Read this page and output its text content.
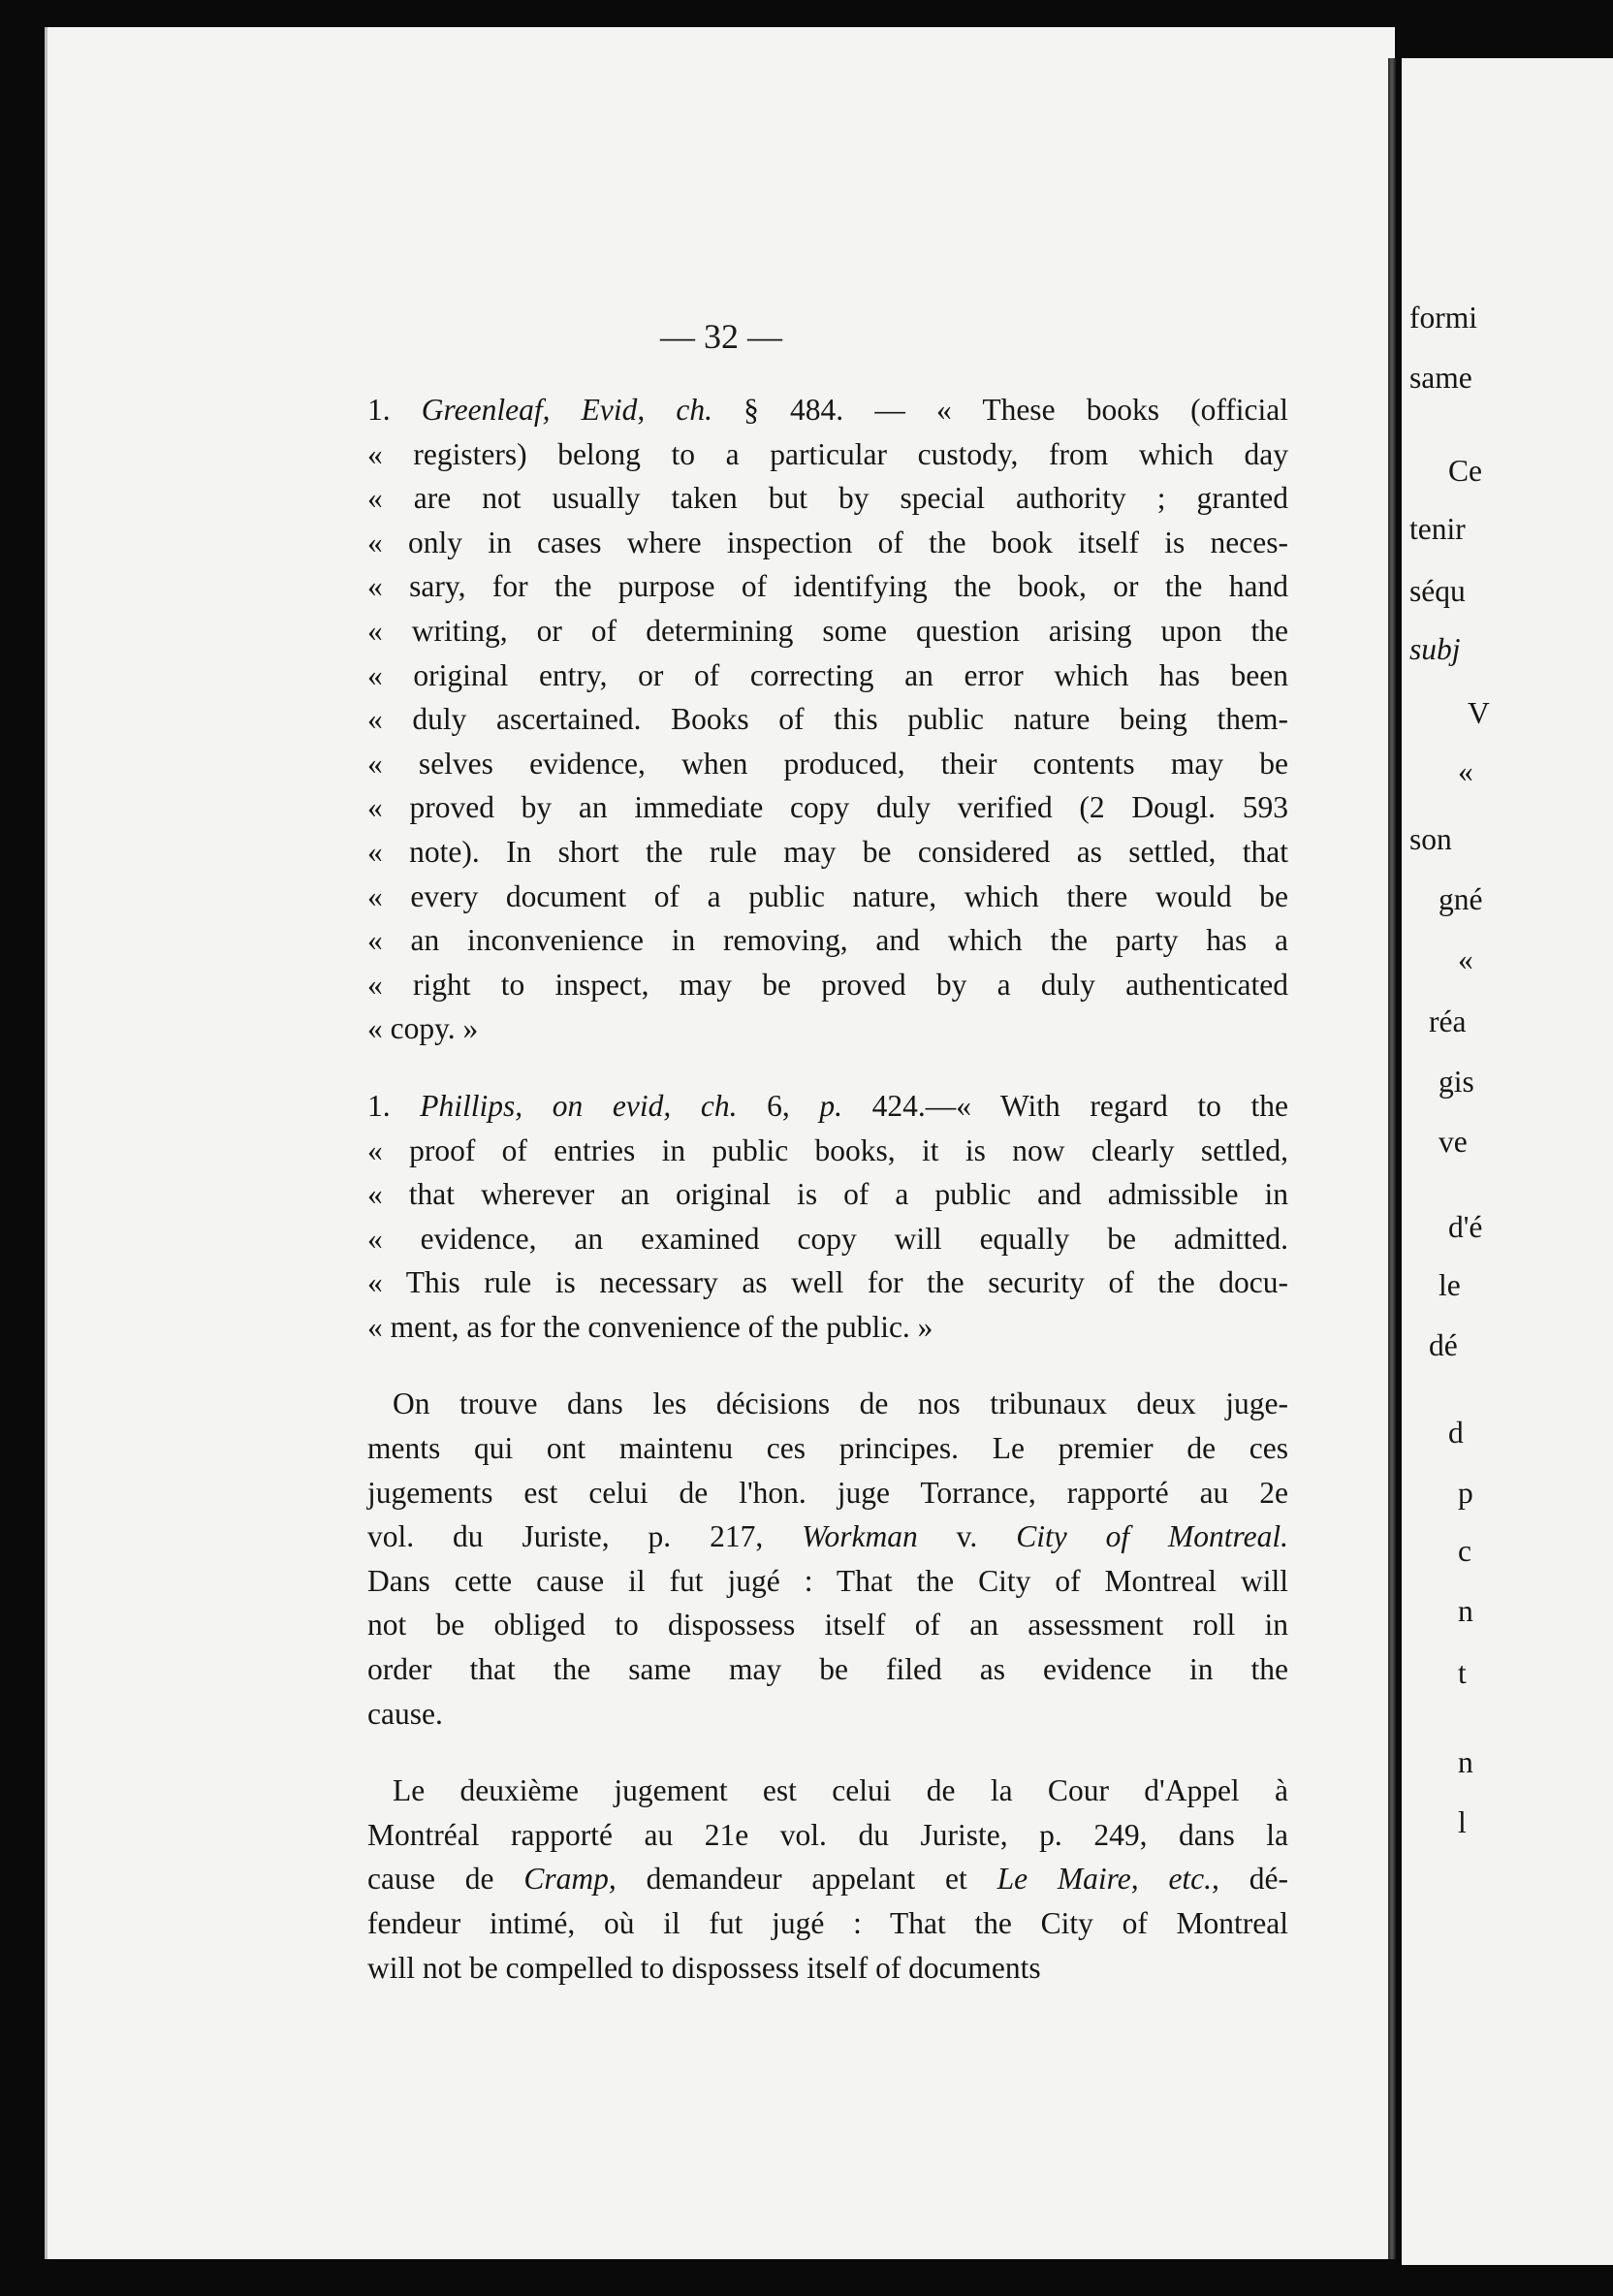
— 32 —
1. Greenleaf, Evid, ch. § 484. — « These books (official
« registers) belong to a particular custody, from which day
« are not usually taken but by special authority ; granted
« only in cases where inspection of the book itself is neces-
« sary, for the purpose of identifying the book, or the hand
« writing, or of determining some question arising upon the
« original entry, or of correcting an error which has been
« duly ascertained. Books of this public nature being them-
« selves evidence, when produced, their contents may be
« proved by an immediate copy duly verified (2 Dougl. 593
« note). In short the rule may be considered as settled, that
« every document of a public nature, which there would be
« an inconvenience in removing, and which the party has a
« right to inspect, may be proved by a duly authenticated
« copy. »
1. Phillips, on evid, ch. 6, p. 424.—« With regard to the
« proof of entries in public books, it is now clearly settled,
« that wherever an original is of a public and admissible in
« evidence, an examined copy will equally be admitted.
« This rule is necessary as well for the security of the docu-
« ment, as for the convenience of the public. »
On trouve dans les décisions de nos tribunaux deux juge-
ments qui ont maintenu ces principes. Le premier de ces
jugements est celui de l'hon. juge Torrance, rapporté au 2e
vol. du Juriste, p. 217, Workman v. City of Montreal.
Dans cette cause il fut jugé : That the City of Montreal will
not be obliged to dispossess itself of an assessment roll in
order that the same may be filed as evidence in the
cause.
Le deuxième jugement est celui de la Cour d'Appel à
Montréal rapporté au 21e vol. du Juriste, p. 249, dans la
cause de Cramp, demandeur appelant et Le Maire, etc., dé-
fendeur intimé, où il fut jugé : That the City of Montreal
will not be compelled to dispossess itself of documents
formi
same
Ce
tenir
séqu
subj
V
«
son
gné
«
réa
gis
ve
d'é
le
dé
d
p
c
n
t
n
l
